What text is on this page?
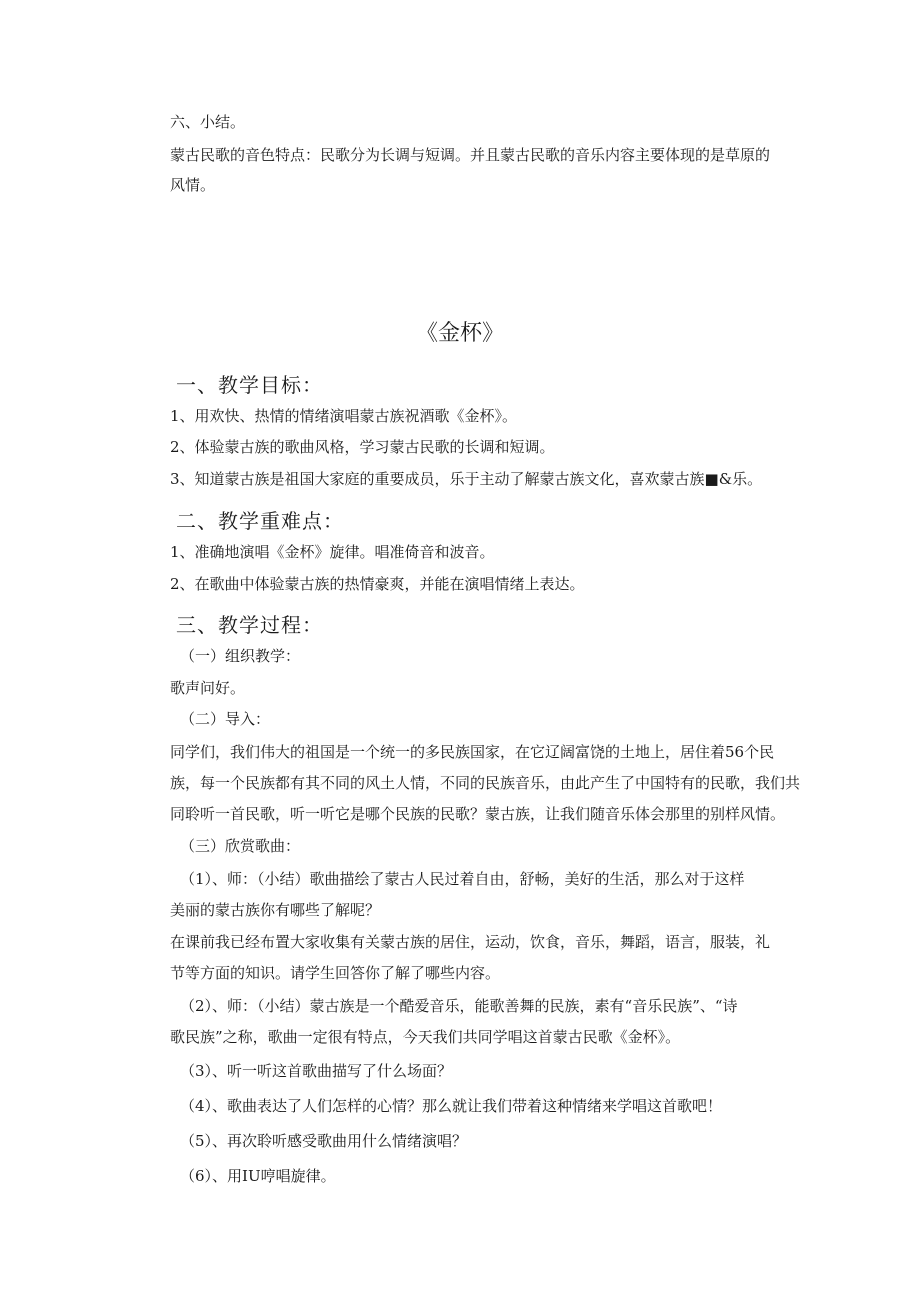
六、小结。
蒙古民歌的音色特点：民歌分为长调与短调。并且蒙古民歌的音乐内容主要体现的是草原的
风情。
《金杯》
一、教学目标：
1、用欢快、热情的情绪演唱蒙古族祝酒歌《金杯》。
2、体验蒙古族的歌曲风格，学习蒙古民歌的长调和短调。
3、知道蒙古族是祖国大家庭的重要成员，乐于主动了解蒙古族文化，喜欢蒙古族■&乐。
二、教学重难点：
1、准确地演唱《金杯》旋律。唱准倚音和波音。
2、在歌曲中体验蒙古族的热情豪爽，并能在演唱情绪上表达。
三、教学过程：
（一）组织教学：
歌声问好。
（二）导入：
同学们，我们伟大的祖国是一个统一的多民族国家，在它辽阔富饶的土地上，居住着56个民
族，每一个民族都有其不同的风土人情，不同的民族音乐，由此产生了中国特有的民歌，我们共
同聆听一首民歌，听一听它是哪个民族的民歌？蒙古族，让我们随音乐体会那里的别样风情。
（三）欣赏歌曲：
（1）、师：（小结）歌曲描绘了蒙古人民过着自由，舒畅，美好的生活，那么对于这样
美丽的蒙古族你有哪些了解呢？
在课前我已经布置大家收集有关蒙古族的居住，运动，饮食，音乐，舞蹈，语言，服装，礼
节等方面的知识。请学生回答你了解了哪些内容。
（2）、师：（小结）蒙古族是一个酷爱音乐，能歌善舞的民族，素有“音乐民族”、“诗
歌民族”之称，歌曲一定很有特点，今天我们共同学唱这首蒙古民歌《金杯》。
（3）、听一听这首歌曲描写了什么场面？
（4）、歌曲表达了人们怎样的心情？那么就让我们带着这种情绪来学唱这首歌吧！
（5）、再次聆听感受歌曲用什么情绪演唱？
（6）、用IU哼唱旋律。
